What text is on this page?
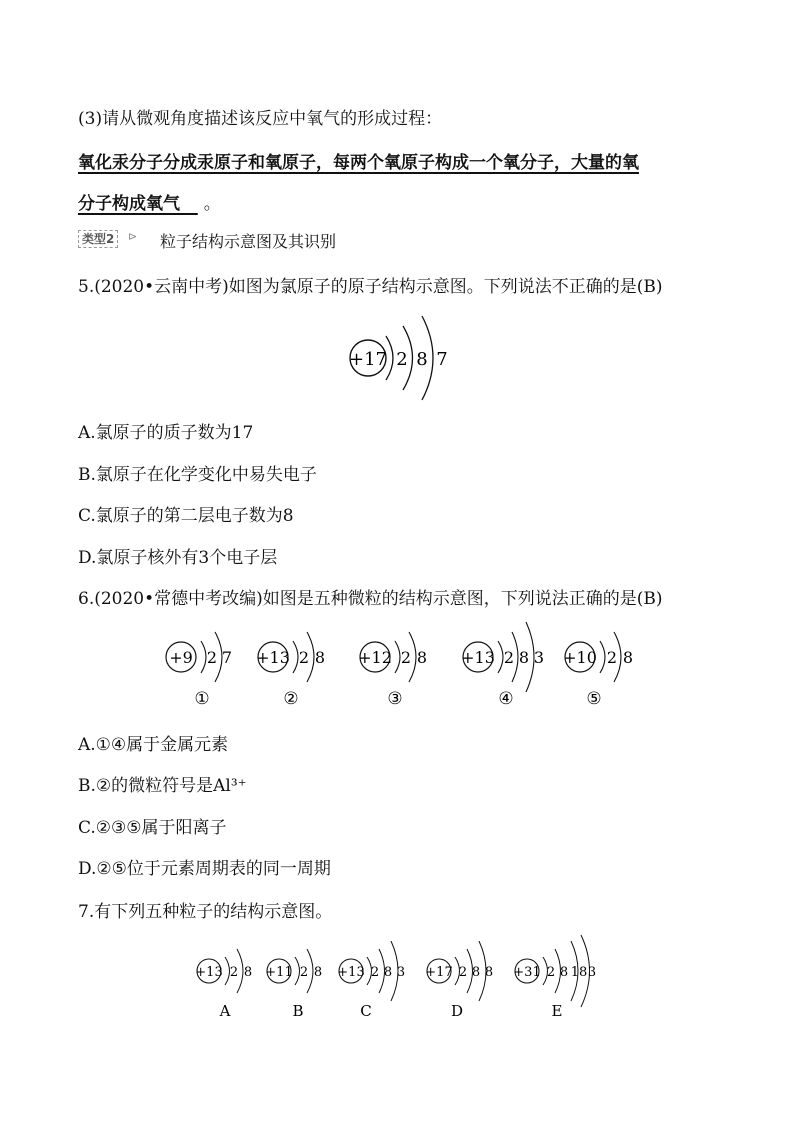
(3)请从微观角度描述该反应中氧气的形成过程：
氧化汞分子分成汞原子和氧原子，每两个氧原子构成一个氧分子，大量的氧
分子构成氧气 。
类型2	⊳ 粒子结构示意图及其识别
5.(2020•云南中考)如图为氯原子的原子结构示意图。下列说法不正确的是(B)
+17 2 8 7
A.氯原子的质子数为17
B.氯原子在化学变化中易失电子
C.氯原子的第二层电子数为8
D.氯原子核外有3个电子层
6.(2020•常德中考改编)如图是五种微粒的结构示意图，下列说法正确的是(B)
+9 2 7
①
+13 2 8
②
+12 2 8
③
+13 2 8 3
④
+10 2 8
⑤
A.①④属于金属元素
B.②的微粒符号是Al³⁺
C.②③⑤属于阳离子
D.②⑤位于元素周期表的同一周期
7.有下列五种粒子的结构示意图。
+13 2 8
A
+11 2 8
B
+13 2 8 3
C
+17 2 8 8
D
+31 2 8 18 3
E
